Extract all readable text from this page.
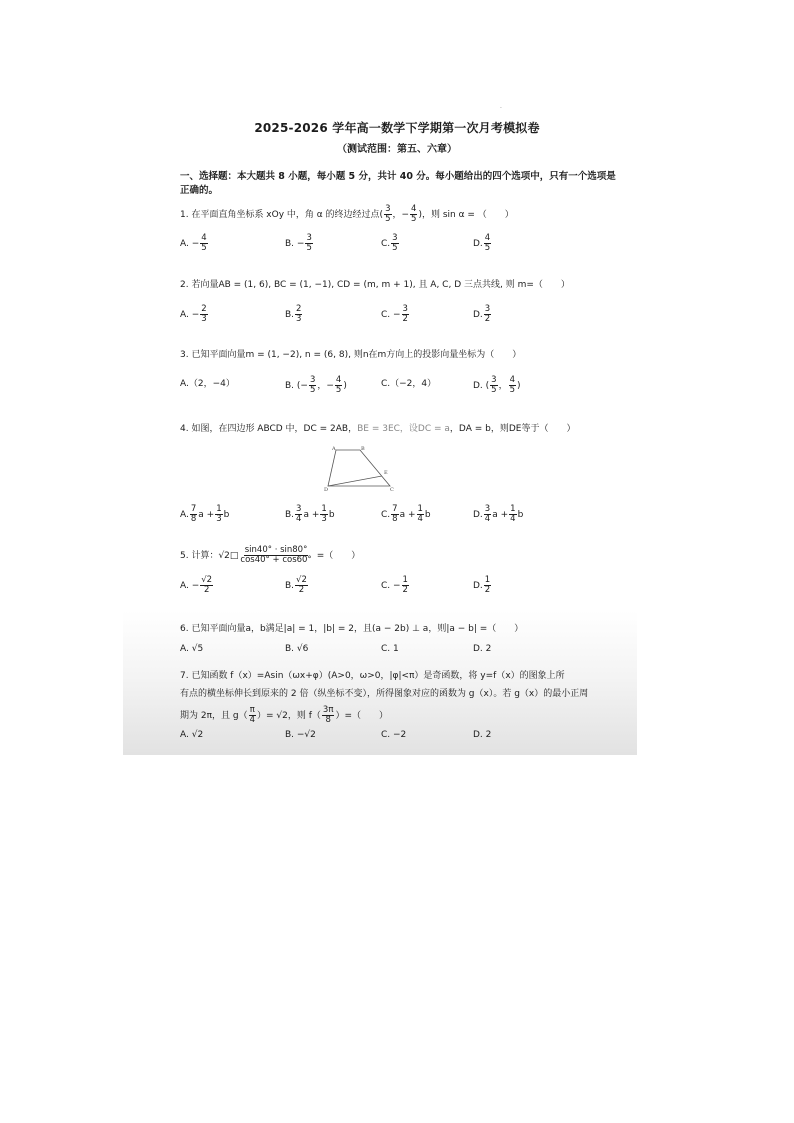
.
2025-2026 学年高一数学下学期第一次月考模拟卷
（测试范围：第五、六章）
一、选择题：本大题共 8 小题，每小题 5 分，共计 40 分。每小题给出的四个选项中，只有一个选项是
正确的。
1. 在平面直角坐标系 xOy 中，角 α 的终边经过点( $\frac{3}{5}$ ，− $\frac{4}{5}$ )，则 sin α = （　　）
A. − $\frac{4}{5}$	B. − $\frac{3}{5}$	C. $\frac{3}{5}$	D. $\frac{4}{5}$
2. 若向量AB = (1, 6), BC = (1, −1), CD = (m, m + 1), 且 A, C, D 三点共线, 则 m=（　　）
A. − $\frac{2}{3}$	B. $\frac{2}{3}$	C. − $\frac{3}{2}$	D. $\frac{3}{2}$
3. 已知平面向量m = (1, −2), n = (6, 8), 则n在m方向上的投影向量坐标为（　　）
A.（2，−4）	B. (− $\frac{3}{5}$ ，− $\frac{4}{5}$ )	C.（−2，4）	D. ( $\frac{3}{5}$ ， $\frac{4}{5}$ )
4. 如图，在四边形 ABCD 中，DC = 2AB，BE = 3EC，设DC = a，DA = b，则DE等于（　　）
A	B
E
D	C
A. $\frac{7}{8}$ $a + \frac{1}{3}$ b	B. $\frac{3}{4}$ $a + \frac{1}{3}$ b	C. $\frac{7}{8}$ $a + \frac{1}{4}$ b	D. $\frac{3}{4}$ $a + \frac{1}{4}$ b
5. 计算：√2□ $\frac{\sin 40^\circ \cdot \sin 80^\circ}{\cos 40^\circ + \cos 60^\circ}$ =（　　）
A. − $\frac{√2}{2}$	B. $\frac{√2}{2}$	C. − $\frac{1}{2}$	D. $\frac{1}{2}$
6. 已知平面向量a，b满足|a| = 1，|b| = 2，且(a − 2b) ⊥ a，则|a − b| =（　　）
A. √5	B. √6	C. 1	D. 2
7. 已知函数 f（x）=Asin（ωx+φ）(A>0，ω>0，|φ|<π）是奇函数，将 y=f（x）的图象上所
有点的横坐标伸长到原来的 2 倍（纵坐标不变），所得图象对应的函数为 g（x）。若 g（x）的最小正周
期为 2π，且 $g( \frac{\pi}{4}$ ）= √2，则 $f( \frac{3\pi}{8}$ ）=（　　）
A. √2	B. −√2	C. −2	D. 2
